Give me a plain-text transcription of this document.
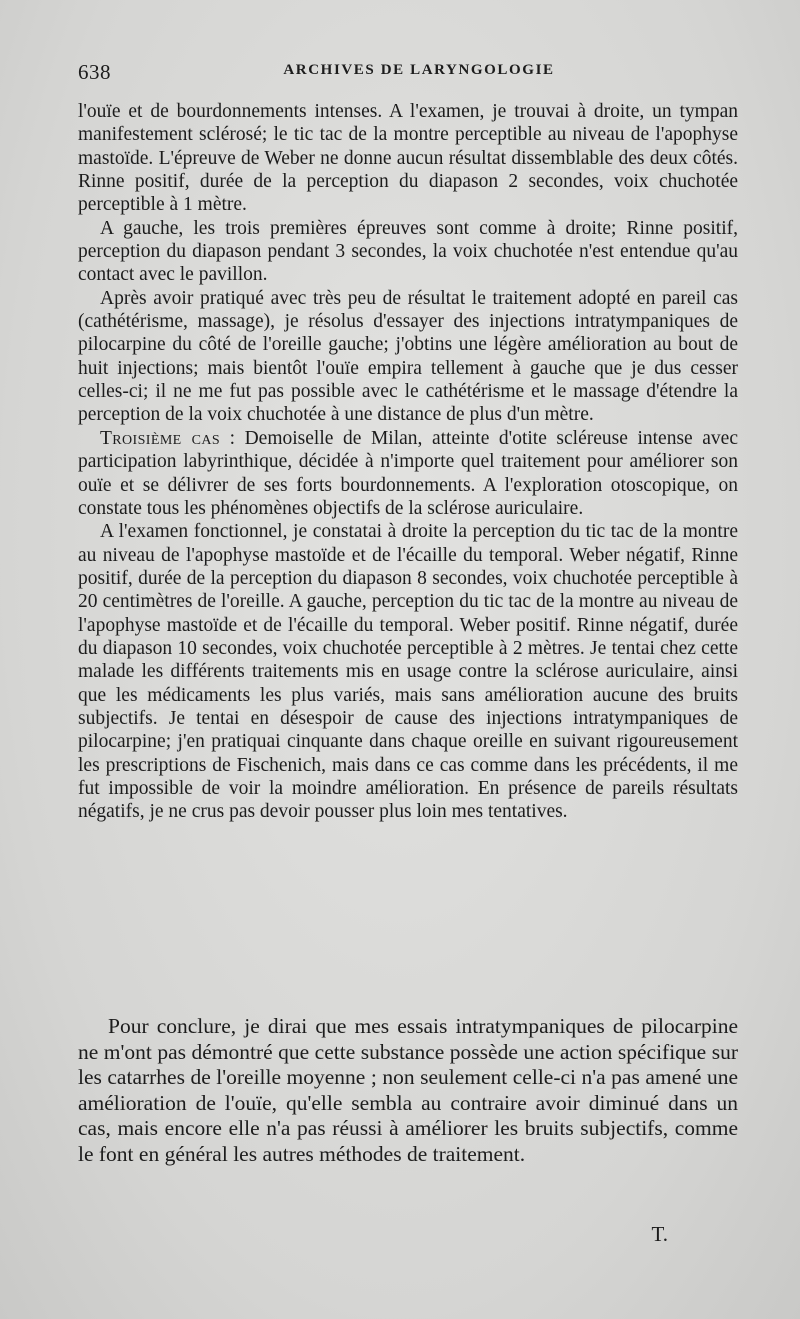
638	ARCHIVES DE LARYNGOLOGIE

l'ouïe et de bourdonnements intenses. A l'examen, je trouvai à droite, un tympan manifestement sclérosé; le tic tac de la montre perceptible au niveau de l'apophyse mastoïde. L'épreuve de Weber ne donne aucun résultat dissemblable des deux côtés. Rinne positif, durée de la perception du diapason 2 secondes, voix chuchotée perceptible à 1 mètre.

A gauche, les trois premières épreuves sont comme à droite; Rinne positif, perception du diapason pendant 3 secondes, la voix chuchotée n'est entendue qu'au contact avec le pavillon.

Après avoir pratiqué avec très peu de résultat le traitement adopté en pareil cas (cathétérisme, massage), je résolus d'essayer des injections intratympaniques de pilocarpine du côté de l'oreille gauche; j'obtins une légère amélioration au bout de huit injections; mais bientôt l'ouïe empira tellement à gauche que je dus cesser celles-ci; il ne me fut pas possible avec le cathétérisme et le massage d'étendre la perception de la voix chuchotée à une distance de plus d'un mètre.

Troisième cas : Demoiselle de Milan, atteinte d'otite scléreuse intense avec participation labyrinthique, décidée à n'importe quel traitement pour améliorer son ouïe et se délivrer de ses forts bourdonnements. A l'exploration otoscopique, on constate tous les phénomènes objectifs de la sclérose auriculaire.

A l'examen fonctionnel, je constatai à droite la perception du tic tac de la montre au niveau de l'apophyse mastoïde et de l'écaille du temporal. Weber négatif, Rinne positif, durée de la perception du diapason 8 secondes, voix chuchotée perceptible à 20 centimètres de l'oreille. A gauche, perception du tic tac de la montre au niveau de l'apophyse mastoïde et de l'écaille du temporal. Weber positif. Rinne négatif, durée du diapason 10 secondes, voix chuchotée perceptible à 2 mètres. Je tentai chez cette malade les différents traitements mis en usage contre la sclérose auriculaire, ainsi que les médicaments les plus variés, mais sans amélioration aucune des bruits subjectifs. Je tentai en désespoir de cause des injections intratympaniques de pilocarpine; j'en pratiquai cinquante dans chaque oreille en suivant rigoureusement les prescriptions de Fischenich, mais dans ce cas comme dans les précédents, il me fut impossible de voir la moindre amélioration. En présence de pareils résultats négatifs, je ne crus pas devoir pousser plus loin mes tentatives.

Pour conclure, je dirai que mes essais intratympaniques de pilocarpine ne m'ont pas démontré que cette substance possède une action spécifique sur les catarrhes de l'oreille moyenne ; non seulement celle-ci n'a pas amené une amélioration de l'ouïe, qu'elle sembla au contraire avoir diminué dans un cas, mais encore elle n'a pas réussi à améliorer les bruits subjectifs, comme le font en général les autres méthodes de traitement.

T.
